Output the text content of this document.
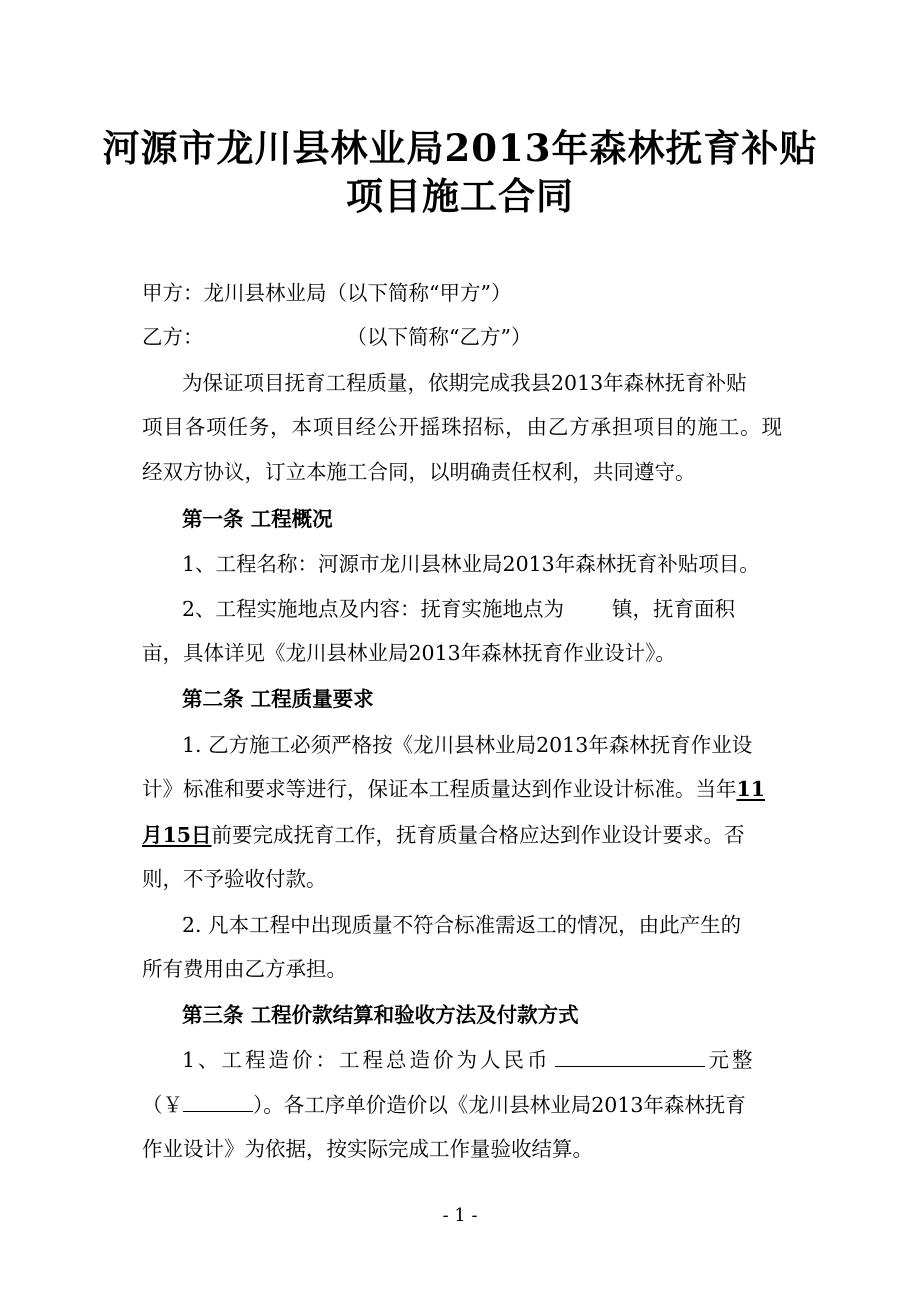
河源市龙川县林业局2013年森林抚育补贴
项目施工合同
甲方：龙川县林业局（以下简称“甲方”）
乙方：	（以下简称“乙方”）
为保证项目抚育工程质量，依期完成我县2013年森林抚育补贴
项目各项任务，本项目经公开摇珠招标，由乙方承担项目的施工。现
经双方协议，订立本施工合同，以明确责任权利，共同遵守。
第一条 工程概况
1、工程名称：河源市龙川县林业局2013年森林抚育补贴项目。
2、工程实施地点及内容：抚育实施地点为 镇，抚育面积
亩，具体详见《龙川县林业局2013年森林抚育作业设计》。
第二条 工程质量要求
1. 乙方施工必须严格按《龙川县林业局2013年森林抚育作业设
计》标准和要求等进行，保证本工程质量达到作业设计标准。当年11
月15日前要完成抚育工作，抚育质量合格应达到作业设计要求。否
则，不予验收付款。
2. 凡本工程中出现质量不符合标准需返工的情况，由此产生的
所有费用由乙方承担。
第三条 工程价款结算和验收方法及付款方式
1、工程造价：工程总造价为人民币	元整
（￥	）。各工序单价造价以《龙川县林业局2013年森林抚育
作业设计》为依据，按实际完成工作量验收结算。
- 1 -
